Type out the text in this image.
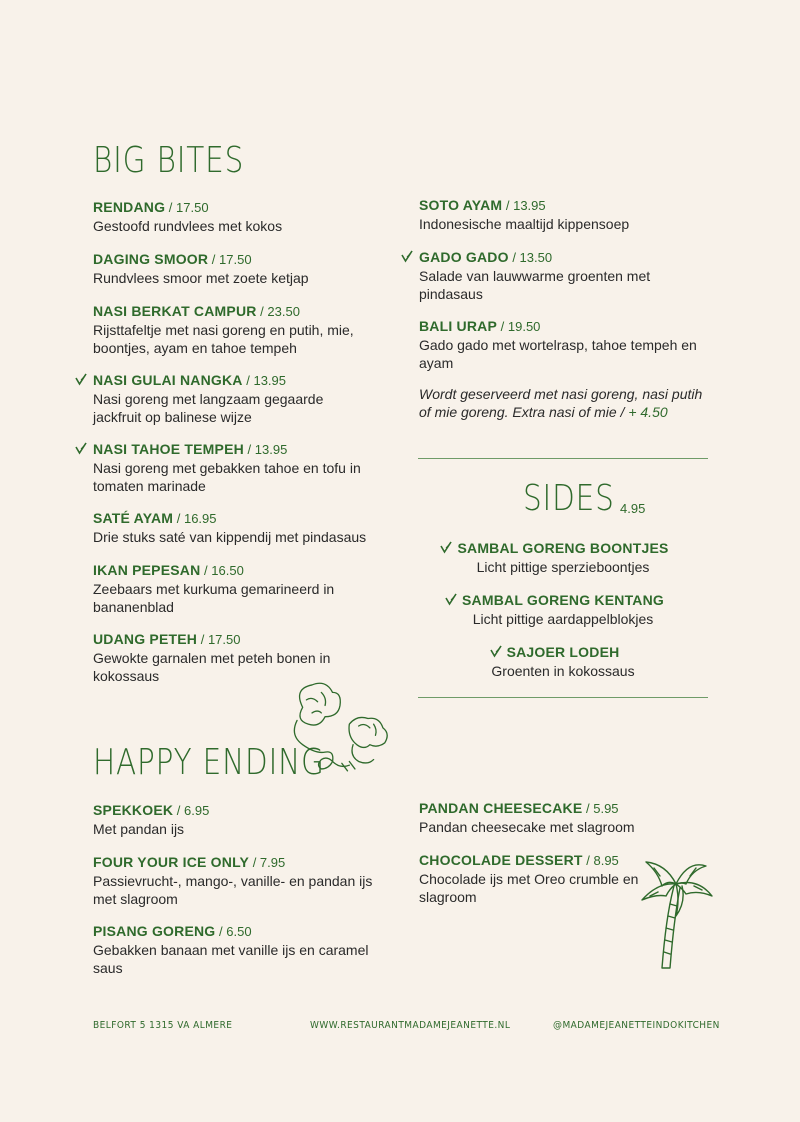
BIG BITES
RENDANG / 17.50
Gestoofd rundvlees met kokos
DAGING SMOOR / 17.50
Rundvlees smoor met zoete ketjap
NASI BERKAT CAMPUR / 23.50
Rijsttafeltje met nasi goreng en putih, mie, boontjes, ayam en tahoe tempeh
NASI GULAI NANGKA / 13.95
Nasi goreng met langzaam gegaarde jackfruit op balinese wijze
NASI TAHOE TEMPEH / 13.95
Nasi goreng met gebakken tahoe en tofu in tomaten marinade
SATÉ AYAM / 16.95
Drie stuks saté van kippendij met pindasaus
IKAN PEPESAN / 16.50
Zeebaars met kurkuma gemarineerd in bananenblad
UDANG PETEH / 17.50
Gewokte garnalen met peteh bonen in kokossaus
SOTO AYAM / 13.95
Indonesische maaltijd kippensoep
GADO GADO / 13.50
Salade van lauwwarme groenten met pindasaus
BALI URAP / 19.50
Gado gado met wortelrasp, tahoe tempeh en ayam
Wordt geserveerd met nasi goreng, nasi putih of mie goreng. Extra nasi of mie / + 4.50
SIDES 4.95
SAMBAL GORENG BOONTJES
Licht pittige sperzieboontjes
SAMBAL GORENG KENTANG
Licht pittige aardappelblokjes
SAJOER LODEH
Groenten in kokossaus
HAPPY ENDING
SPEKKOEK / 6.95
Met pandan ijs
FOUR YOUR ICE ONLY / 7.95
Passievrucht-, mango-, vanille- en pandan ijs met slagroom
PISANG GORENG / 6.50
Gebakken banaan met vanille ijs en caramel saus
PANDAN CHEESECAKE / 5.95
Pandan cheesecake met slagroom
CHOCOLADE DESSERT / 8.95
Chocolade ijs met Oreo crumble en slagroom
BELFORT 5 1315 VA ALMERE	WWW.RESTAURANTMADAMEJEANETTE.NL	@MADAMEJEANETTEINDOKITCHEN
